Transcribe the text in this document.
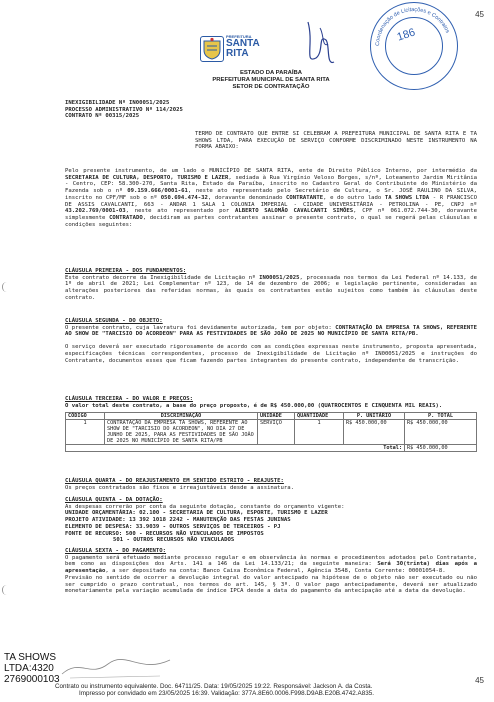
45
PREFEITURA
SANTA
RITA
Coordenação de Licitações e Contratos
186
ESTADO DA PARAÍBA
PREFEITURA MUNICIPAL DE SANTA RITA
SETOR DE CONTRATAÇÃO
INEXIGIBILIDADE Nº IN00051/2025
PROCESSO ADMINISTRATIVO Nº 114/2025
CONTRATO Nº 00315/2025

TERMO DE CONTRATO QUE ENTRE SI CELEBRAM A PREFEITURA MUNICIPAL DE SANTA RITA E TA SHOWS LTDA, PARA EXECUÇÃO DE SERVIÇO CONFORME DISCRIMINADO NESTE INSTRUMENTO NA FORMA ABAIXO:

Pelo presente instrumento, de um lado o MUNICÍPIO DE SANTA RITA, ente de Direito Público Interno, por intermédio da SECRETARIA DE CULTURA, DESPORTO, TURISMO E LAZER, sediada à Rua Virgínio Veloso Borges, s/nº, Loteamento Jardim Miritânia - Centro, CEP: 58.300-270, Santa Rita, Estado da Paraíba, inscrito no Cadastro Geral do Contribuinte do Ministério da Fazenda sob o nº 09.159.666/0001-61, neste ato representado pelo Secretário de Cultura, o Sr. JOSÉ RAULINO DA SILVA, inscrito no CPF/MF sob o nº 050.694.474-32, doravante denominado CONTRATANTE, e do outro lado TA SHOWS LTDA - R FRANCISCO DE ASSIS CAVALCANTI, 663 - ANDAR 1 SALA 1 COLONIA IMPERIAL - CIDADE UNIVERSITÁRIA - PETROLINA - PE, CNPJ nº 43.202.769/0001-03, neste ato representado por ALBERTO SALOMÃO CAVALCANTI SIMÕES, CPF nº 061.072.744-30, doravante simplesmente CONTRATADO, decidiram as partes contratantes assinar o presente contrato, o qual se regerá pelas cláusulas e condições seguintes:

CLÁUSULA PRIMEIRA - DOS FUNDAMENTOS:

Este contrato decorre da Inexigibilidade de Licitação nº IN00051/2025, processada nos termos da Lei Federal nº 14.133, de 1º de abril de 2021; Lei Complementar nº 123, de 14 de dezembro de 2006; e legislação pertinente, consideradas as alterações posteriores das referidas normas, às quais os contratantes estão sujeitos como também às cláusulas deste contrato.

CLÁUSULA SEGUNDA - DO OBJETO:

O presente contrato, cuja lavratura foi devidamente autorizada, tem por objeto: CONTRATAÇÃO DA EMPRESA TA SHOWS, REFERENTE AO SHOW DE "TARCISIO DO ACORDEON" PARA AS FESTIVIDADES DE SÃO JOÃO DE 2025 NO MUNICÍPIO DE SANTA RITA/PB.

O serviço deverá ser executado rigorosamente de acordo com as condições expressas neste instrumento, proposta apresentada, especificações técnicas correspondentes, processo de Inexigibilidade de Licitação nº IN00051/2025 e instruções do Contratante, documentos esses que ficam fazendo partes integrantes do presente contrato, independente de transcrição.

CLÁUSULA TERCEIRA - DO VALOR E PREÇOS:

O valor total deste contrato, a base do preço proposto, é de R$ 450.000,00 (QUATROCENTOS E CINQUENTA MIL REAIS).

CÓDIGO	DISCRIMINAÇÃO	UNIDADE	QUANTIDADE	P. UNITÁRIO	P. TOTAL
1	CONTRATAÇÃO DA EMPRESA TA SHOWS, REFERENTE AO SHOW DE "TARCISIO DO ACORDEON", NO DIA 27 DE JUNHO DE 2025, PARA AS FESTIVIDADES DE SÃO JOÃO DE 2025 NO MUNICÍPIO DE SANTA RITA/PB	SERVIÇO	1	R$ 450.000,00	R$ 450.000,00
Total:					R$ 450.000,00

CLÁUSULA QUARTA - DO REAJUSTAMENTO EM SENTIDO ESTRITO - REAJUSTE:

Os preços contratados são fixos e irreajustáveis desde a assinatura.

CLÁUSULA QUINTA - DA DOTAÇÃO:

As despesas correrão por conta da seguinte dotação, constante do orçamento vigente:

UNIDADE ORÇAMENTÁRIA: 02.100 - SECRETARIA DE CULTURA, ESPORTE, TURISMO E LAZER

PROJETO ATIVIDADE: 13 392 1018 2242 - MANUTENÇÃO DAS FESTAS JUNINAS

ELEMENTO DE DESPESA: 33.9039 - OUTROS SERVIÇOS DE TERCEIROS - PJ

FONTE DE RECURSO: 500 - RECURSOS NÃO VINCULADOS DE IMPOSTOS

501 - OUTROS RECURSOS NÃO VINCULADOS

CLÁUSULA SEXTA - DO PAGAMENTO:

O pagamento será efetuado mediante processo regular e em observância às normas e procedimentos adotados pelo Contratante, bem como as disposições dos Arts. 141 a 146 da Lei 14.133/21; da seguinte maneira: Será 30(trinta) dias após a apresentação, a ser depositado na conta: Banco Caixa Econômica Federal, Agência 3548, Conta Corrente: 00001054-8.

Previsão no sentido de ocorrer a devolução integral do valor antecipado na hipótese de o objeto não ser executado ou não ser cumprido o prazo contratual, nos termos do art. 145, § 3º. O valor pago antecipadamente, deverá ser atualizado monetariamente pela variação acumulada de índice IPCA desde a data do pagamento da antecipação até a data da devolução.

TA SHOWS
LTDA:4320
2769000103	45
Contrato ou instrumento equivalente. Doc. 64711/25. Data: 19/05/2025 19:22. Responsável: Jackson A. da Costa.
Impresso por convidado em 23/05/2025 16:39. Validação: 377A.8E60.0006.F998.D9AB.E20B.4742.A835.
